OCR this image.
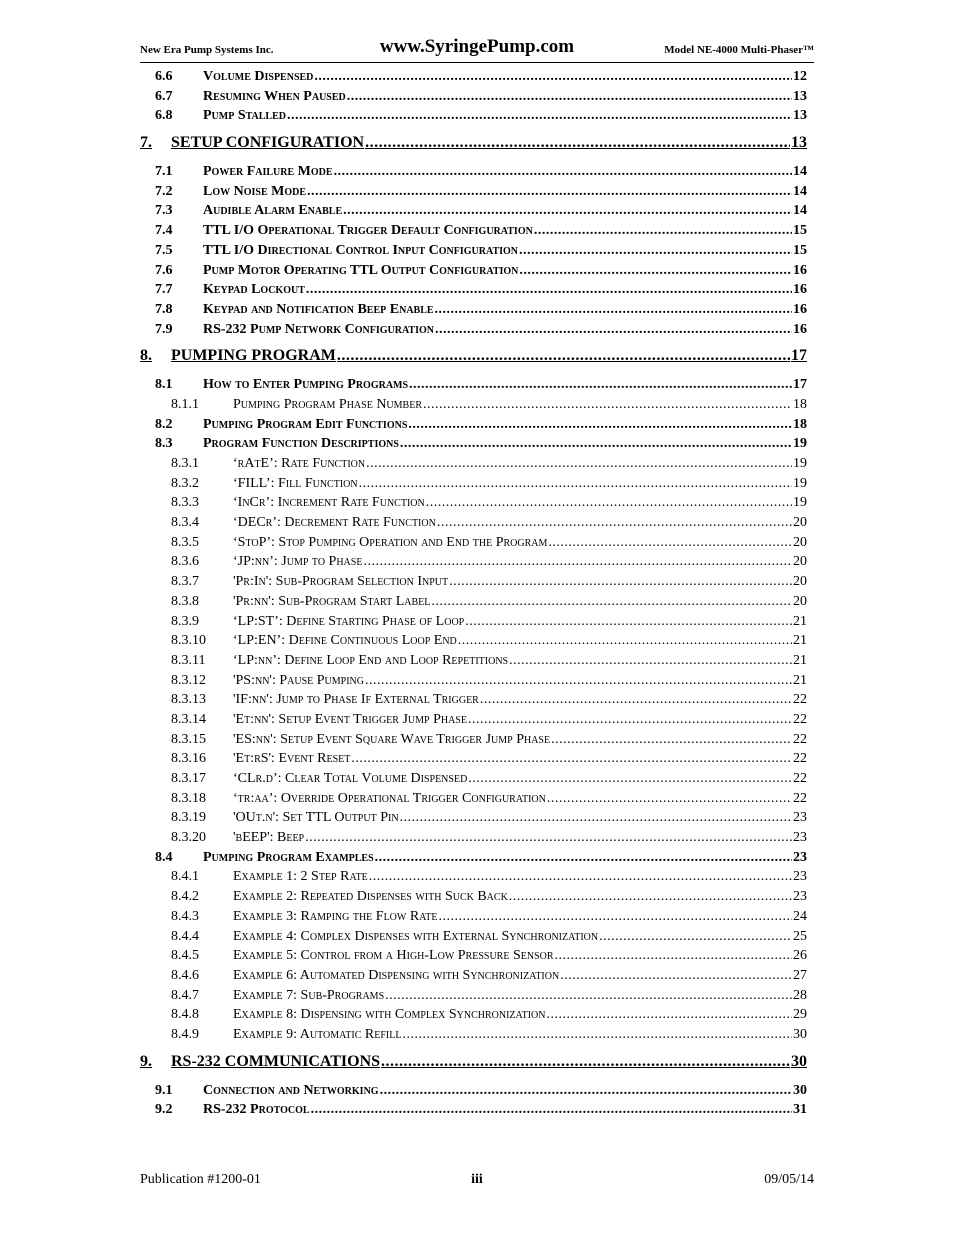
New Era Pump Systems Inc.	www.SyringePump.com	Model NE-4000 Multi-Phaser™
6.6	Volume Dispensed .....	12
6.7	Resuming When Paused .....	13
6.8	Pump Stalled .....	13
7.	SETUP CONFIGURATION .....	13
7.1	Power Failure Mode .....	14
7.2	Low Noise Mode .....	14
7.3	Audible Alarm Enable .....	14
7.4	TTL I/O Operational Trigger Default Configuration .....	15
7.5	TTL I/O Directional Control Input Configuration .....	15
7.6	Pump Motor Operating TTL Output Configuration .....	16
7.7	Keypad Lockout .....	16
7.8	Keypad and Notification Beep Enable .....	16
7.9	RS-232 Pump Network Configuration .....	16
8.	PUMPING PROGRAM .....	17
8.1	How to Enter Pumping Programs .....	17
8.1.1	Pumping Program Phase Number .....	18
8.2	Pumping Program Edit Functions .....	18
8.3	Program Function Descriptions .....	19
8.3.1	‘rAtE’: Rate Function .....	19
8.3.2	‘FILL’: Fill Function .....	19
8.3.3	‘InCr’: Increment Rate Function .....	19
8.3.4	‘DECr’: Decrement Rate Function .....	20
8.3.5	‘StoP’: Stop Pumping Operation and End the Program .....	20
8.3.6	‘JP:nn’: Jump to Phase .....	20
8.3.7	'Pr:In': Sub-Program Selection Input .....	20
8.3.8	'Pr:nn': Sub-Program Start Label .....	20
8.3.9	‘LP:ST’: Define Starting Phase of Loop .....	21
8.3.10	‘LP:EN’: Define Continuous Loop End .....	21
8.3.11	‘LP:nn’: Define Loop End and Loop Repetitions .....	21
8.3.12	'PS:nn': Pause Pumping .....	21
8.3.13	'IF:nn': Jump to Phase If External Trigger .....	22
8.3.14	'Et:nn': Setup Event Trigger Jump Phase .....	22
8.3.15	'ES:nn': Setup Event Square Wave Trigger Jump Phase .....	22
8.3.16	'Et:rS': Event Reset .....	22
8.3.17	‘CLr.d’: Clear Total Volume Dispensed .....	22
8.3.18	‘tr:aa’: Override Operational Trigger Configuration .....	22
8.3.19	'OUt.n': Set TTL Output Pin .....	23
8.3.20	'bEEP': Beep .....	23
8.4	Pumping Program Examples .....	23
8.4.1	Example 1: 2 Step Rate .....	23
8.4.2	Example 2: Repeated Dispenses with Suck Back .....	23
8.4.3	Example 3: Ramping the Flow Rate .....	24
8.4.4	Example 4: Complex Dispenses with External Synchronization .....	25
8.4.5	Example 5: Control from a High-Low Pressure Sensor .....	26
8.4.6	Example 6: Automated Dispensing with Synchronization .....	27
8.4.7	Example 7: Sub-Programs .....	28
8.4.8	Example 8: Dispensing with Complex Synchronization .....	29
8.4.9	Example 9: Automatic Refill .....	30
9.	RS-232 COMMUNICATIONS .....	30
9.1	Connection and Networking .....	30
9.2	RS-232 Protocol .....	31
Publication #1200-01	iii	09/05/14
